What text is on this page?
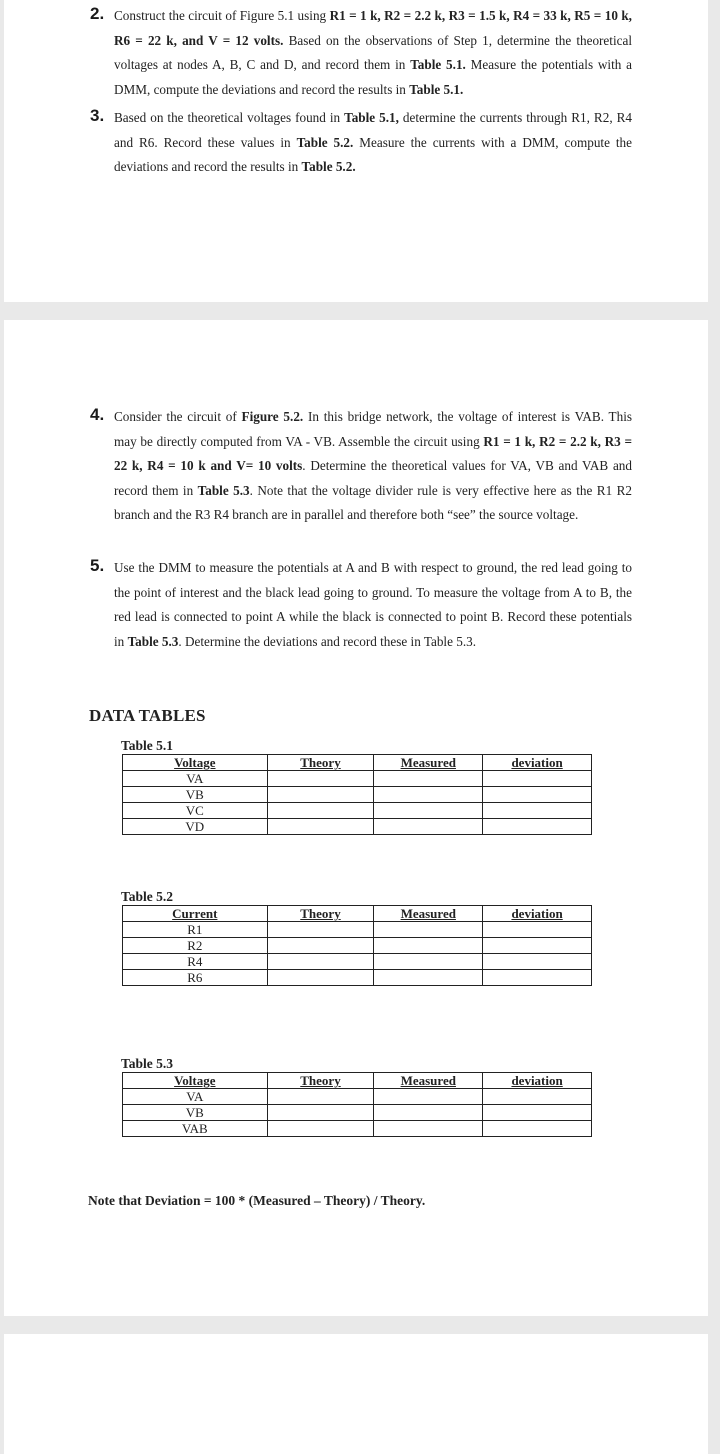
2. Construct the circuit of Figure 5.1 using R1 = 1 k, R2 = 2.2 k, R3 = 1.5 k, R4 = 33 k, R5 = 10 k, R6 = 22 k, and V = 12 volts. Based on the observations of Step 1, determine the theoretical voltages at nodes A, B, C and D, and record them in Table 5.1. Measure the potentials with a DMM, compute the deviations and record the results in Table 5.1.
3. Based on the theoretical voltages found in Table 5.1, determine the currents through R1, R2, R4 and R6. Record these values in Table 5.2. Measure the currents with a DMM, compute the deviations and record the results in Table 5.2.
4. Consider the circuit of Figure 5.2. In this bridge network, the voltage of interest is VAB. This may be directly computed from VA - VB. Assemble the circuit using R1 = 1 k, R2 = 2.2 k, R3 = 22 k, R4 = 10 k and V= 10 volts. Determine the theoretical values for VA, VB and VAB and record them in Table 5.3. Note that the voltage divider rule is very effective here as the R1 R2 branch and the R3 R4 branch are in parallel and therefore both “see” the source voltage.
5. Use the DMM to measure the potentials at A and B with respect to ground, the red lead going to the point of interest and the black lead going to ground. To measure the voltage from A to B, the red lead is connected to point A while the black is connected to point B. Record these potentials in Table 5.3. Determine the deviations and record these in Table 5.3.
DATA TABLES
Table 5.1
Voltage	Theory	Measured	deviation
VA			
VB			
VC			
VD			
Table 5.2
Current	Theory	Measured	deviation
R1			
R2			
R4			
R6			
Table 5.3
Voltage	Theory	Measured	deviation
VA			
VB			
VAB			
Note that Deviation = 100 * (Measured – Theory) / Theory.
